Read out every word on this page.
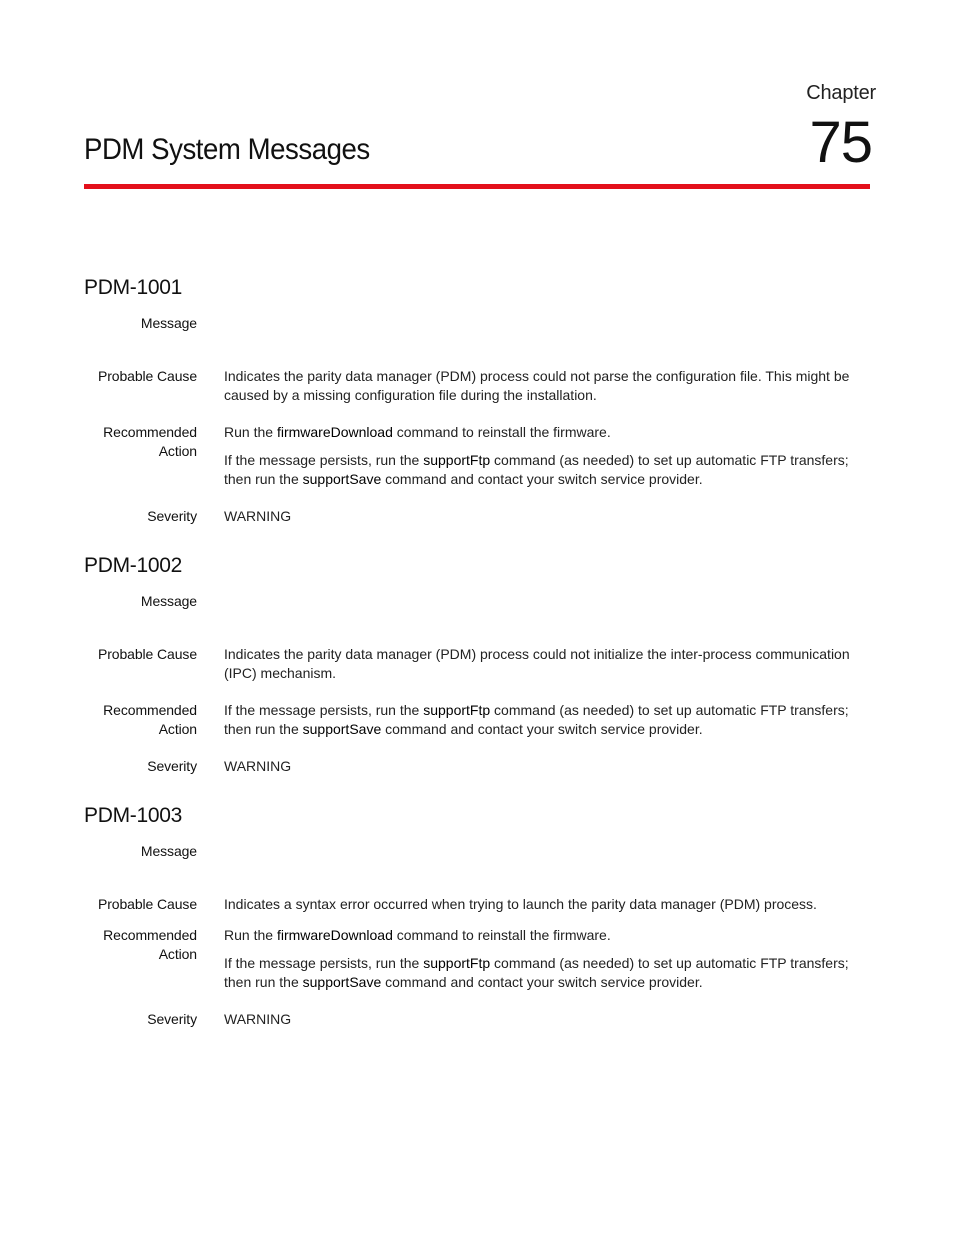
Chapter
75
PDM System Messages
PDM-1001
Message
Probable Cause Indicates the parity data manager (PDM) process could not parse the configuration file. This might be caused by a missing configuration file during the installation.
Recommended
Action

Run the firmwareDownload command to reinstall the firmware.

If the message persists, run the supportFtp command (as needed) to set up automatic FTP transfers; then run the supportSave command and contact your switch service provider.

Severity WARNING
PDM-1002
Message
Probable Cause Indicates the parity data manager (PDM) process could not initialize the inter-process communication (IPC) mechanism.
Recommended
Action

If the message persists, run the supportFtp command (as needed) to set up automatic FTP transfers; then run the supportSave command and contact your switch service provider.

Severity WARNING
PDM-1003
Message
Probable Cause Indicates a syntax error occurred when trying to launch the parity data manager (PDM) process.
Recommended
Action

Run the firmwareDownload command to reinstall the firmware.

If the message persists, run the supportFtp command (as needed) to set up automatic FTP transfers; then run the supportSave command and contact your switch service provider.

Severity WARNING
